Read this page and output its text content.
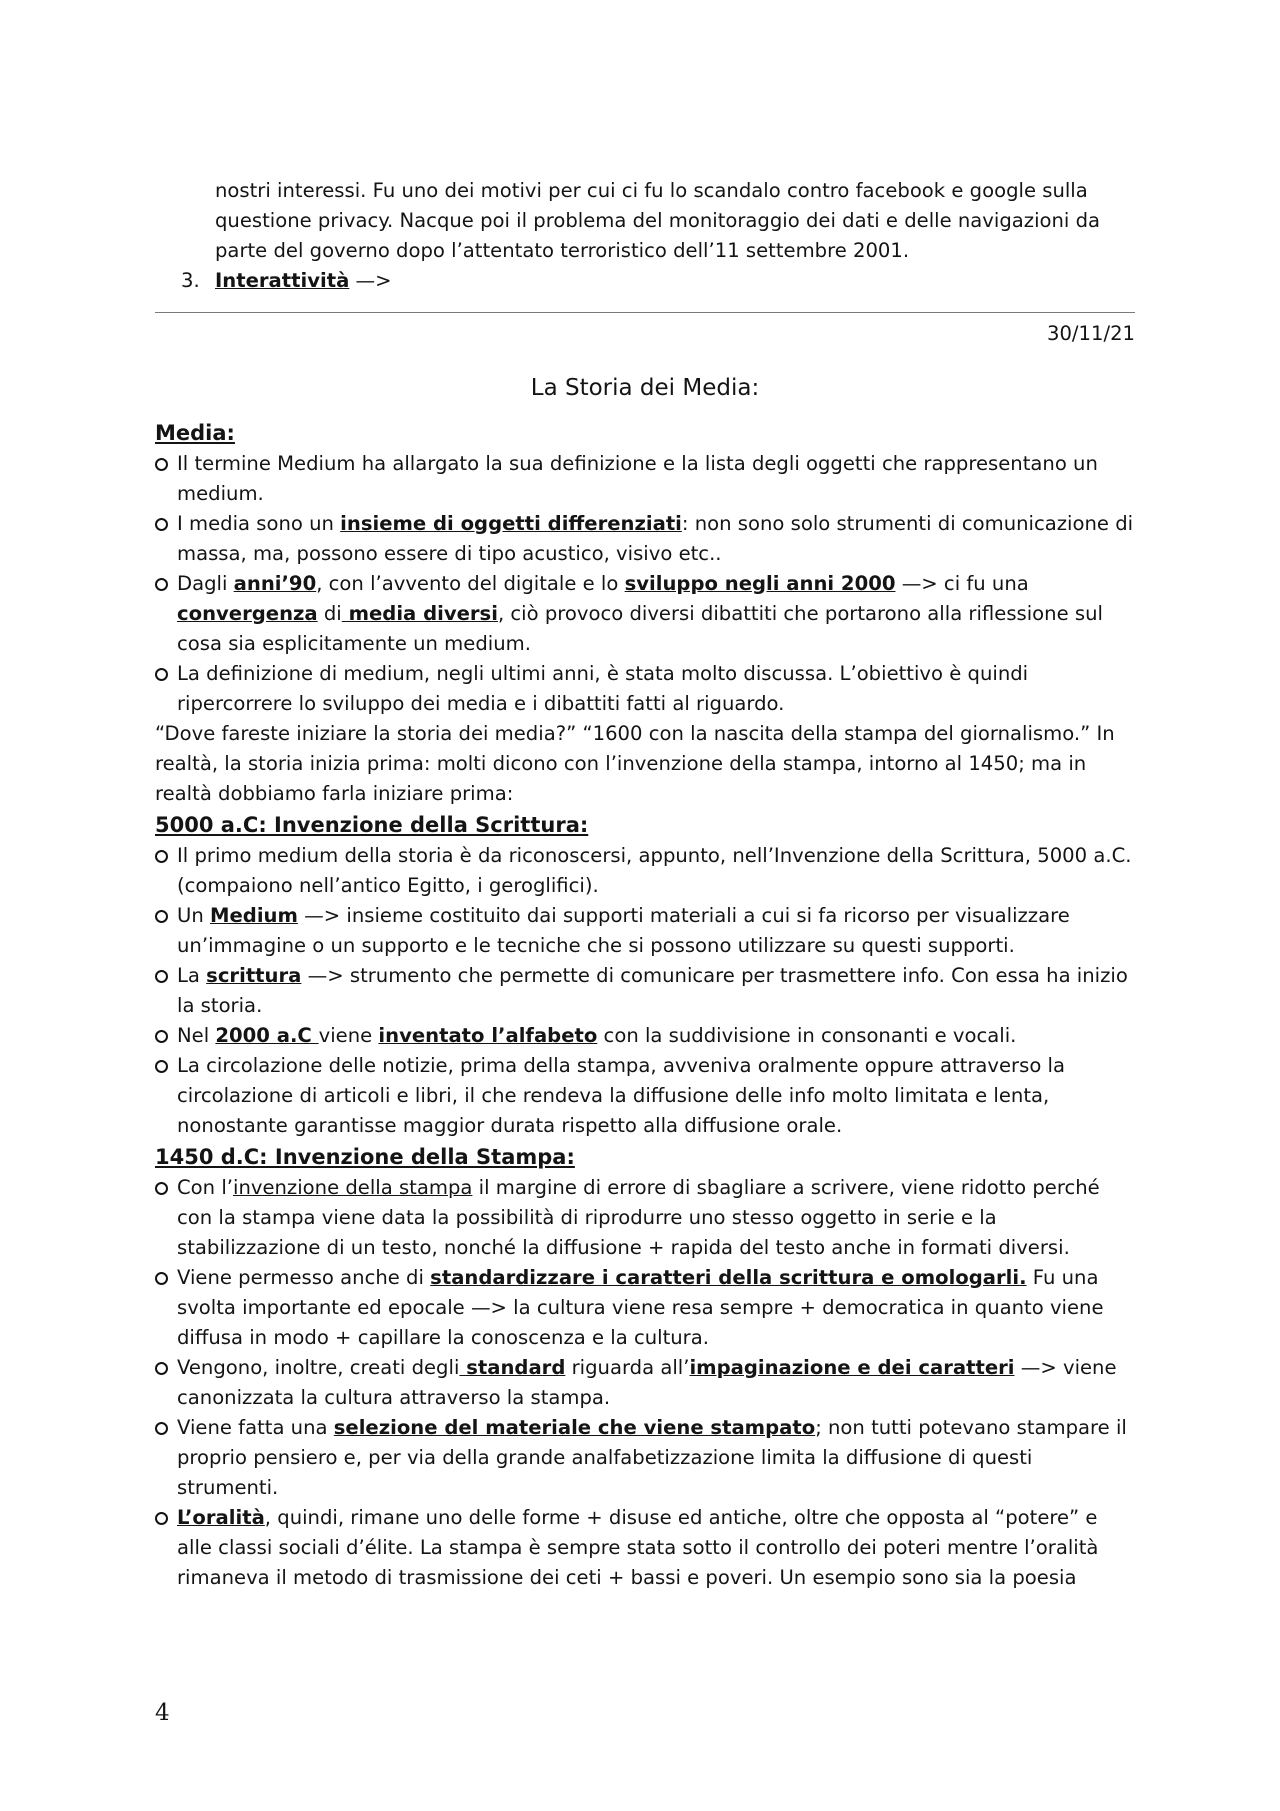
nostri interessi. Fu uno dei motivi per cui ci fu lo scandalo contro facebook e google sulla questione privacy. Nacque poi il problema del monitoraggio dei dati e delle navigazioni da parte del governo dopo l’attentato terroristico dell’11 settembre 2001.

3. Interattività —>

30/11/21
La Storia dei Media:
Media:

Il termine Medium ha allargato la sua definizione e la lista degli oggetti che rappresentano un medium.

I media sono un insieme di oggetti differenziati: non sono solo strumenti di comunicazione di massa, ma, possono essere di tipo acustico, visivo etc..

Dagli anni’90, con l’avvento del digitale e lo sviluppo negli anni 2000 —> ci fu una convergenza di media diversi, ciò provoco diversi dibattiti che portarono alla riflessione sul cosa sia esplicitamente un medium.

La definizione di medium, negli ultimi anni, è stata molto discussa. L’obiettivo è quindi ripercorrere lo sviluppo dei media e i dibattiti fatti al riguardo.

“Dove fareste iniziare la storia dei media?” “1600 con la nascita della stampa del giornalismo.” In realtà, la storia inizia prima: molti dicono con l’invenzione della stampa, intorno al 1450; ma in realtà dobbiamo farla iniziare prima:

5000 a.C: Invenzione della Scrittura:

Il primo medium della storia è da riconoscersi, appunto, nell’Invenzione della Scrittura, 5000 a.C. (compaiono nell’antico Egitto, i geroglifici).

Un Medium —> insieme costituito dai supporti materiali a cui si fa ricorso per visualizzare un’immagine o un supporto e le tecniche che si possono utilizzare su questi supporti.

La scrittura —> strumento che permette di comunicare per trasmettere info. Con essa ha inizio la storia.

Nel 2000 a.C viene inventato l’alfabeto con la suddivisione in consonanti e vocali.

La circolazione delle notizie, prima della stampa, avveniva oralmente oppure attraverso la circolazione di articoli e libri, il che rendeva la diffusione delle info molto limitata e lenta, nonostante garantisse maggior durata rispetto alla diffusione orale.

1450 d.C: Invenzione della Stampa:

Con l’invenzione della stampa il margine di errore di sbagliare a scrivere, viene ridotto perché con la stampa viene data la possibilità di riprodurre uno stesso oggetto in serie e la stabilizzazione di un testo, nonché la diffusione + rapida del testo anche in formati diversi.

Viene permesso anche di standardizzare i caratteri della scrittura e omologarli. Fu una svolta importante ed epocale —> la cultura viene resa sempre + democratica in quanto viene diffusa in modo + capillare la conoscenza e la cultura.

Vengono, inoltre, creati degli standard riguarda all’impaginazione e dei caratteri —> viene canonizzata la cultura attraverso la stampa.

Viene fatta una selezione del materiale che viene stampato; non tutti potevano stampare il proprio pensiero e, per via della grande analfabetizzazione limita la diffusione di questi strumenti.

L’oralità, quindi, rimane uno delle forme + disuse ed antiche, oltre che opposta al “potere” e alle classi sociali d’élite. La stampa è sempre stata sotto il controllo dei poteri mentre l’oralità rimaneva il metodo di trasmissione dei ceti + bassi e poveri. Un esempio sono sia la poesia

4
